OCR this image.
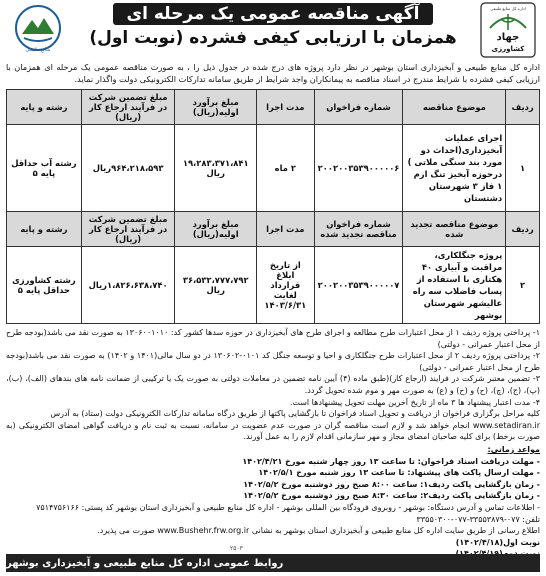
جهاد
کشاورزی
اداره کل منابع طبیعی
آگهی مناقصه عمومی یک مرحله ای
همزمان با ارزیابی کیفی فشرده (نوبت اول)
منابع طبیعی
اداره کل منابع طبیعی و آبخیزداری استان بوشهر در نظر دارد پروژه های درج شده در جدول ذیل را ، به صورت مناقصه عمومی یک مرحله ای همزمان با ارزیابی کیفی فشرده با شرایط مندرج در اسناد مناقصه به پیمانکاران واجد شرایط از طریق سامانه تدارکات الکترونیکی دولت واگذار نماید.
ردیف	موضوع مناقصه	شماره فراخوان	مدت اجرا	مبلغ برآورد اولیه(ریال)	مبلغ تضمین شرکت در فرآیند ارجاع کار (ریال)	رشته و پایه
۱	اجرای عملیات آبخیزداری(احداث دو مورد بند سنگی ملاتی ) درحوزه آبخیز تنگ ارم ۱ فاز ۳ شهرستان دشتستان	۲۰۰۲۰۰۳۵۳۹۰۰۰۰۰۶	۲ ماه	۱۹،۲۸۳،۳۷۱،۸۴۱ ریال	۹۶۴،۲۱۸،۵۹۳ریال	رشته آب حداقل پایه ۵
ردیف	موضوع مناقصه تجدید شده	شماره فراخوان مناقصه تجدید شده	مدت اجرا	مبلغ برآورد اولیه(ریال)	مبلغ تضمین شرکت در فرآیند ارجاع کار (ریال)	رشته و پایه
۲	پروژه جنگلکاری، مراقبت و آبیاری ۴۰ هکتاری با استفاده از پساب فاضلاب سه راه عالیشهر شهرستان بوشهر	۲۰۰۲۰۰۳۵۳۹۰۰۰۰۰۷	از تاریخ ابلاغ قرارداد لغایت ۱۴۰۳/۶/۳۱	۳۶،۵۳۲،۷۷۷،۷۹۲ ریال	۱،۸۲۶،۶۳۸،۷۴۰ریال	رشته کشاورزی حداقل پایه ۵

۱- پرداختی پروژه ردیف ۱ از محل اعتبارات طرح مطالعه و اجرای طرح های آبخیزداری در حوزه سدها کشور کد: ۱۳۰۶۰۰۱۰۱۰ به صورت نقد می باشد(بودجه طرح از محل اعتبار عمرانی - دولتی)

۲- پرداختی پروژه ردیف ۲ از محل اعتبارات طرح جنگلکاری و احیا و توسعه جنگل کد ۰۱۰۱-۱۳۰۶۰۲ در دو سال مالی(۱۴۰۱ و ۱۴۰۲) به صورت نقد می باشد(بودجه طرح از محل اعتبار عمرانی - دولتی)

۳- تضمین معتبر شرکت در فرایند (ارجاع کار)(طبق ماده (۴) آیین نامه تضمین در معاملات دولتی به صورت یک یا ترکیبی از ضمانت نامه های بندهای (الف)، (ب)، (پ)، (ج)، (چ)، (ح) و (خ) و (ع) به صورت مهر و موم شده تحویل گردد.

۴- مدت اعتبار پیشنهاد ها ۳ ماه از تاریخ آخرین مهلت تحویل پیشنهادها است.

کلیه مراحل برگزاری فراخوان از دریافت و تحویل اسناد فراخوان تا بازگشایی پاکتها از طریق درگاه سامانه تدارکات الکترونیکی دولت (ستاد) به آدرس

www.setadiran.ir انجام خواهد شد و لازم است مناقصه گران در صورت عدم عضویت در سامانه، نسبت به ثبت نام و دریافت گواهی امضای الکترونیکی (به صورت برخط) برای کلیه صاحبان امضای مجاز و مهر سازمانی اقدام لازم را به عمل آورند.

مواعد زمانی:
- مهلت دریافت اسناد فراخوان: تا ساعت ۱۳ روز چهار شنبه مورخ ۱۴۰۲/۴/۲۱
- مهلت ارسال پاکت های پیشنهاد: تا ساعت ۱۳ روز شنبه مورخ ۱۴۰۲/۵/۱
- زمان بازگشایی پاکت ردیف۱: ساعت ۸:۰۰ صبح روز دوشنبه مورخ ۱۴۰۲/۵/۲
- زمان بازگشایی پاکت ردیف۲: ساعت ۸:۳۰ صبح روز دوشنبه مورخ ۱۴۰۲/۵/۲
- اطلاعات تماس و آدرس دستگاه: بوشهر - روبروی فرودگاه بین المللی بوشهر - اداره کل منابع طبیعی و آبخیزداری استان بوشهر کد پستی: ۷۵۱۴۷۵۶۱۶۶
تلفن: ۰۷۷-۳۳۵۵۳۸۷۹-۰۷۷-۳۳۵۵۰۳۰۰
اطلاع رسانی از طریق سایت اداره کل منابع طبیعی و آبخیزداری استان بوشهر به نشانی www.Bushehr.frw.org.ir صورت می پذیرد.
نوبت اول(۱۴۰۲/۴/۱۸)
۲۵۰۳
روابط عمومی اداره کل منابع طبیعی و آبخیزداری بوشهر
